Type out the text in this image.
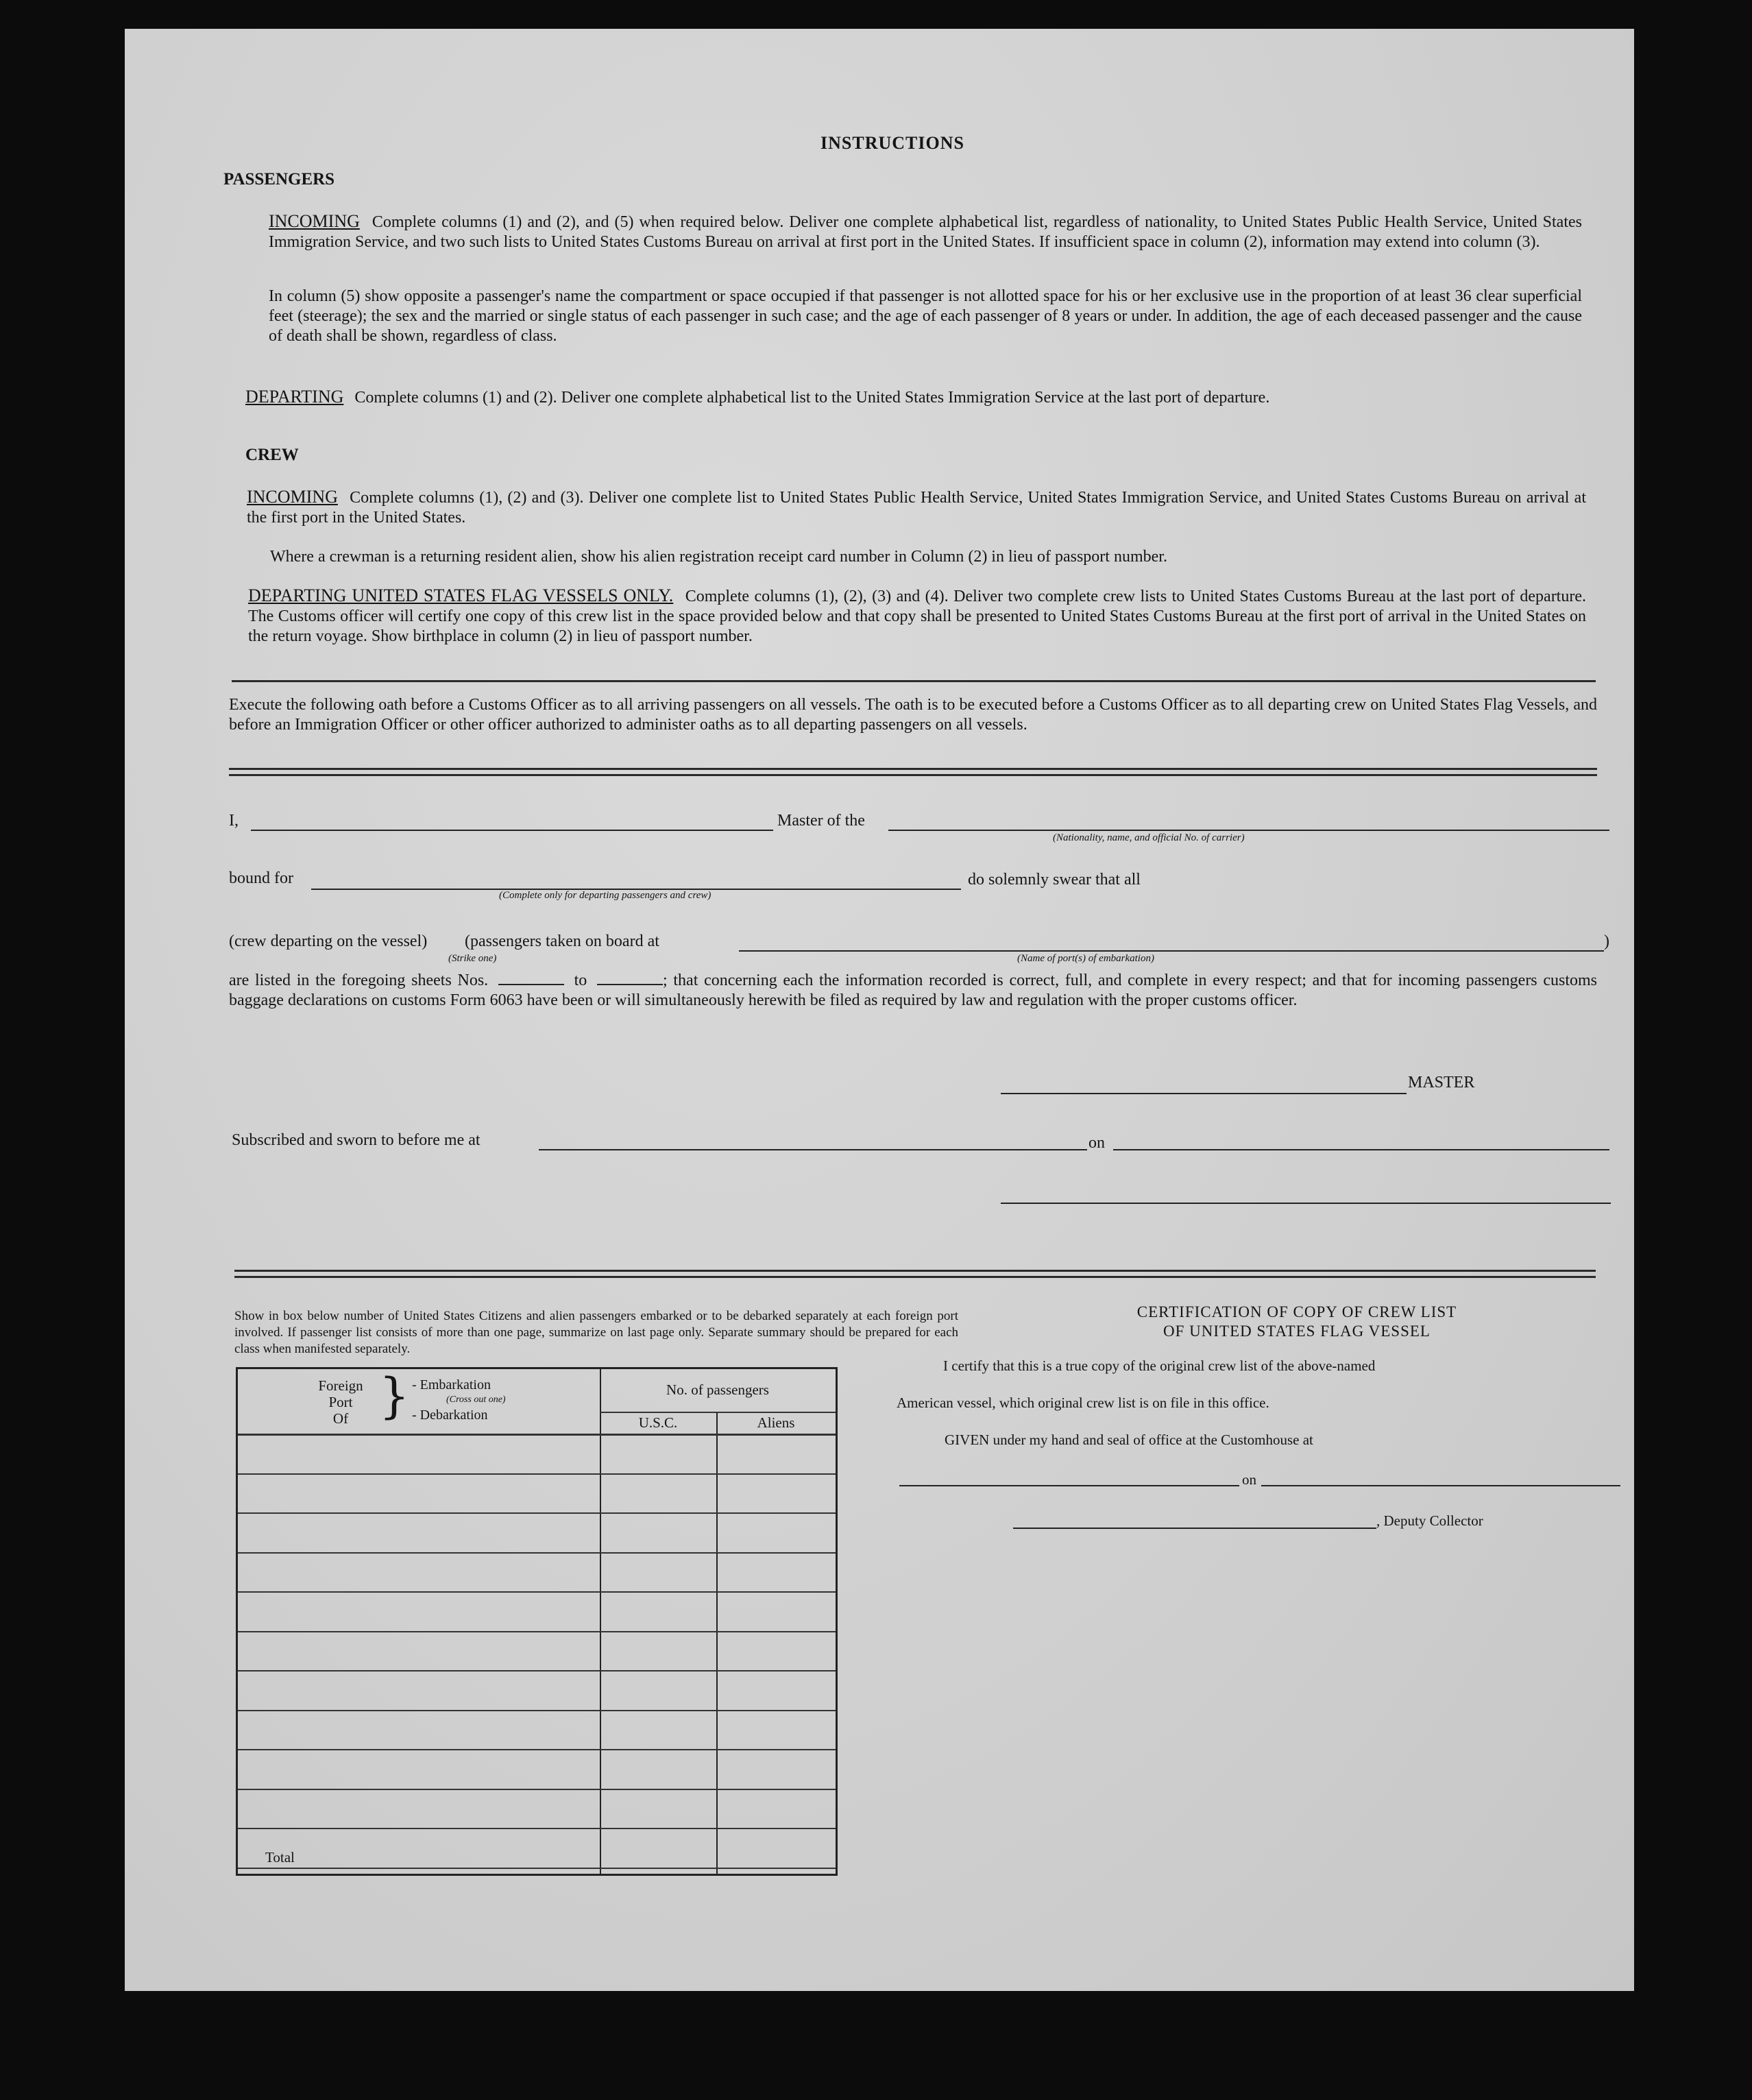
INSTRUCTIONS
PASSENGERS
INCOMING Complete columns (1) and (2), and (5) when required below. Deliver one complete alphabetical list, regardless of nationality, to United States Public Health Service, United States Immigration Service, and two such lists to United States Customs Bureau on arrival at first port in the United States. If insufficient space in column (2), information may extend into column (3).
In column (5) show opposite a passenger's name the compartment or space occupied if that passenger is not allotted space for his or her exclusive use in the proportion of at least 36 clear superficial feet (steerage); the sex and the married or single status of each passenger in such case; and the age of each passenger of 8 years or under. In addition, the age of each deceased passenger and the cause of death shall be shown, regardless of class.
DEPARTING Complete columns (1) and (2). Deliver one complete alphabetical list to the United States Immigration Service at the last port of departure.
CREW
INCOMING Complete columns (1), (2) and (3). Deliver one complete list to United States Public Health Service, United States Immigration Service, and United States Customs Bureau on arrival at the first port in the United States.
Where a crewman is a returning resident alien, show his alien registration receipt card number in Column (2) in lieu of passport number.
DEPARTING UNITED STATES FLAG VESSELS ONLY. Complete columns (1), (2), (3) and (4). Deliver two complete crew lists to United States Customs Bureau at the last port of departure. The Customs officer will certify one copy of this crew list in the space provided below and that copy shall be presented to United States Customs Bureau at the first port of arrival in the United States on the return voyage. Show birthplace in column (2) in lieu of passport number.
Execute the following oath before a Customs Officer as to all arriving passengers on all vessels. The oath is to be executed before a Customs Officer as to all departing crew on United States Flag Vessels, and before an Immigration Officer or other officer authorized to administer oaths as to all departing passengers on all vessels.
I,	Master of the
(Nationality, name, and official No. of carrier)
bound for
(Complete only for departing passengers and crew)
do solemnly swear that all
(crew departing on the vessel) (passengers taken on board at
(Strike one)	(Name of port(s) of embarkation)
)
are listed in the foregoing sheets Nos.	to	; that concerning each the information recorded is correct, full, and complete in every respect; and that for incoming passengers customs baggage declarations on customs Form 6063 have been or will simultaneously herewith be filed as required by law and regulation with the proper customs officer.
MASTER
Subscribed and sworn to before me at	on
Show in box below number of United States Citizens and alien passengers embarked or to be debarked separately at each foreign port involved. If passenger list consists of more than one page, summarize on last page only. Separate summary should be prepared for each class when manifested separately.
Foreign
Port
Of } - Embarkation
(Cross out one)
- Debarkation
No. of passengers
U.S.C.	Aliens
Total
CERTIFICATION OF COPY OF CREW LIST
OF UNITED STATES FLAG VESSEL
I certify that this is a true copy of the original crew list of the above-named
American vessel, which original crew list is on file in this office.
GIVEN under my hand and seal of office at the Customhouse at
on
, Deputy Collector
